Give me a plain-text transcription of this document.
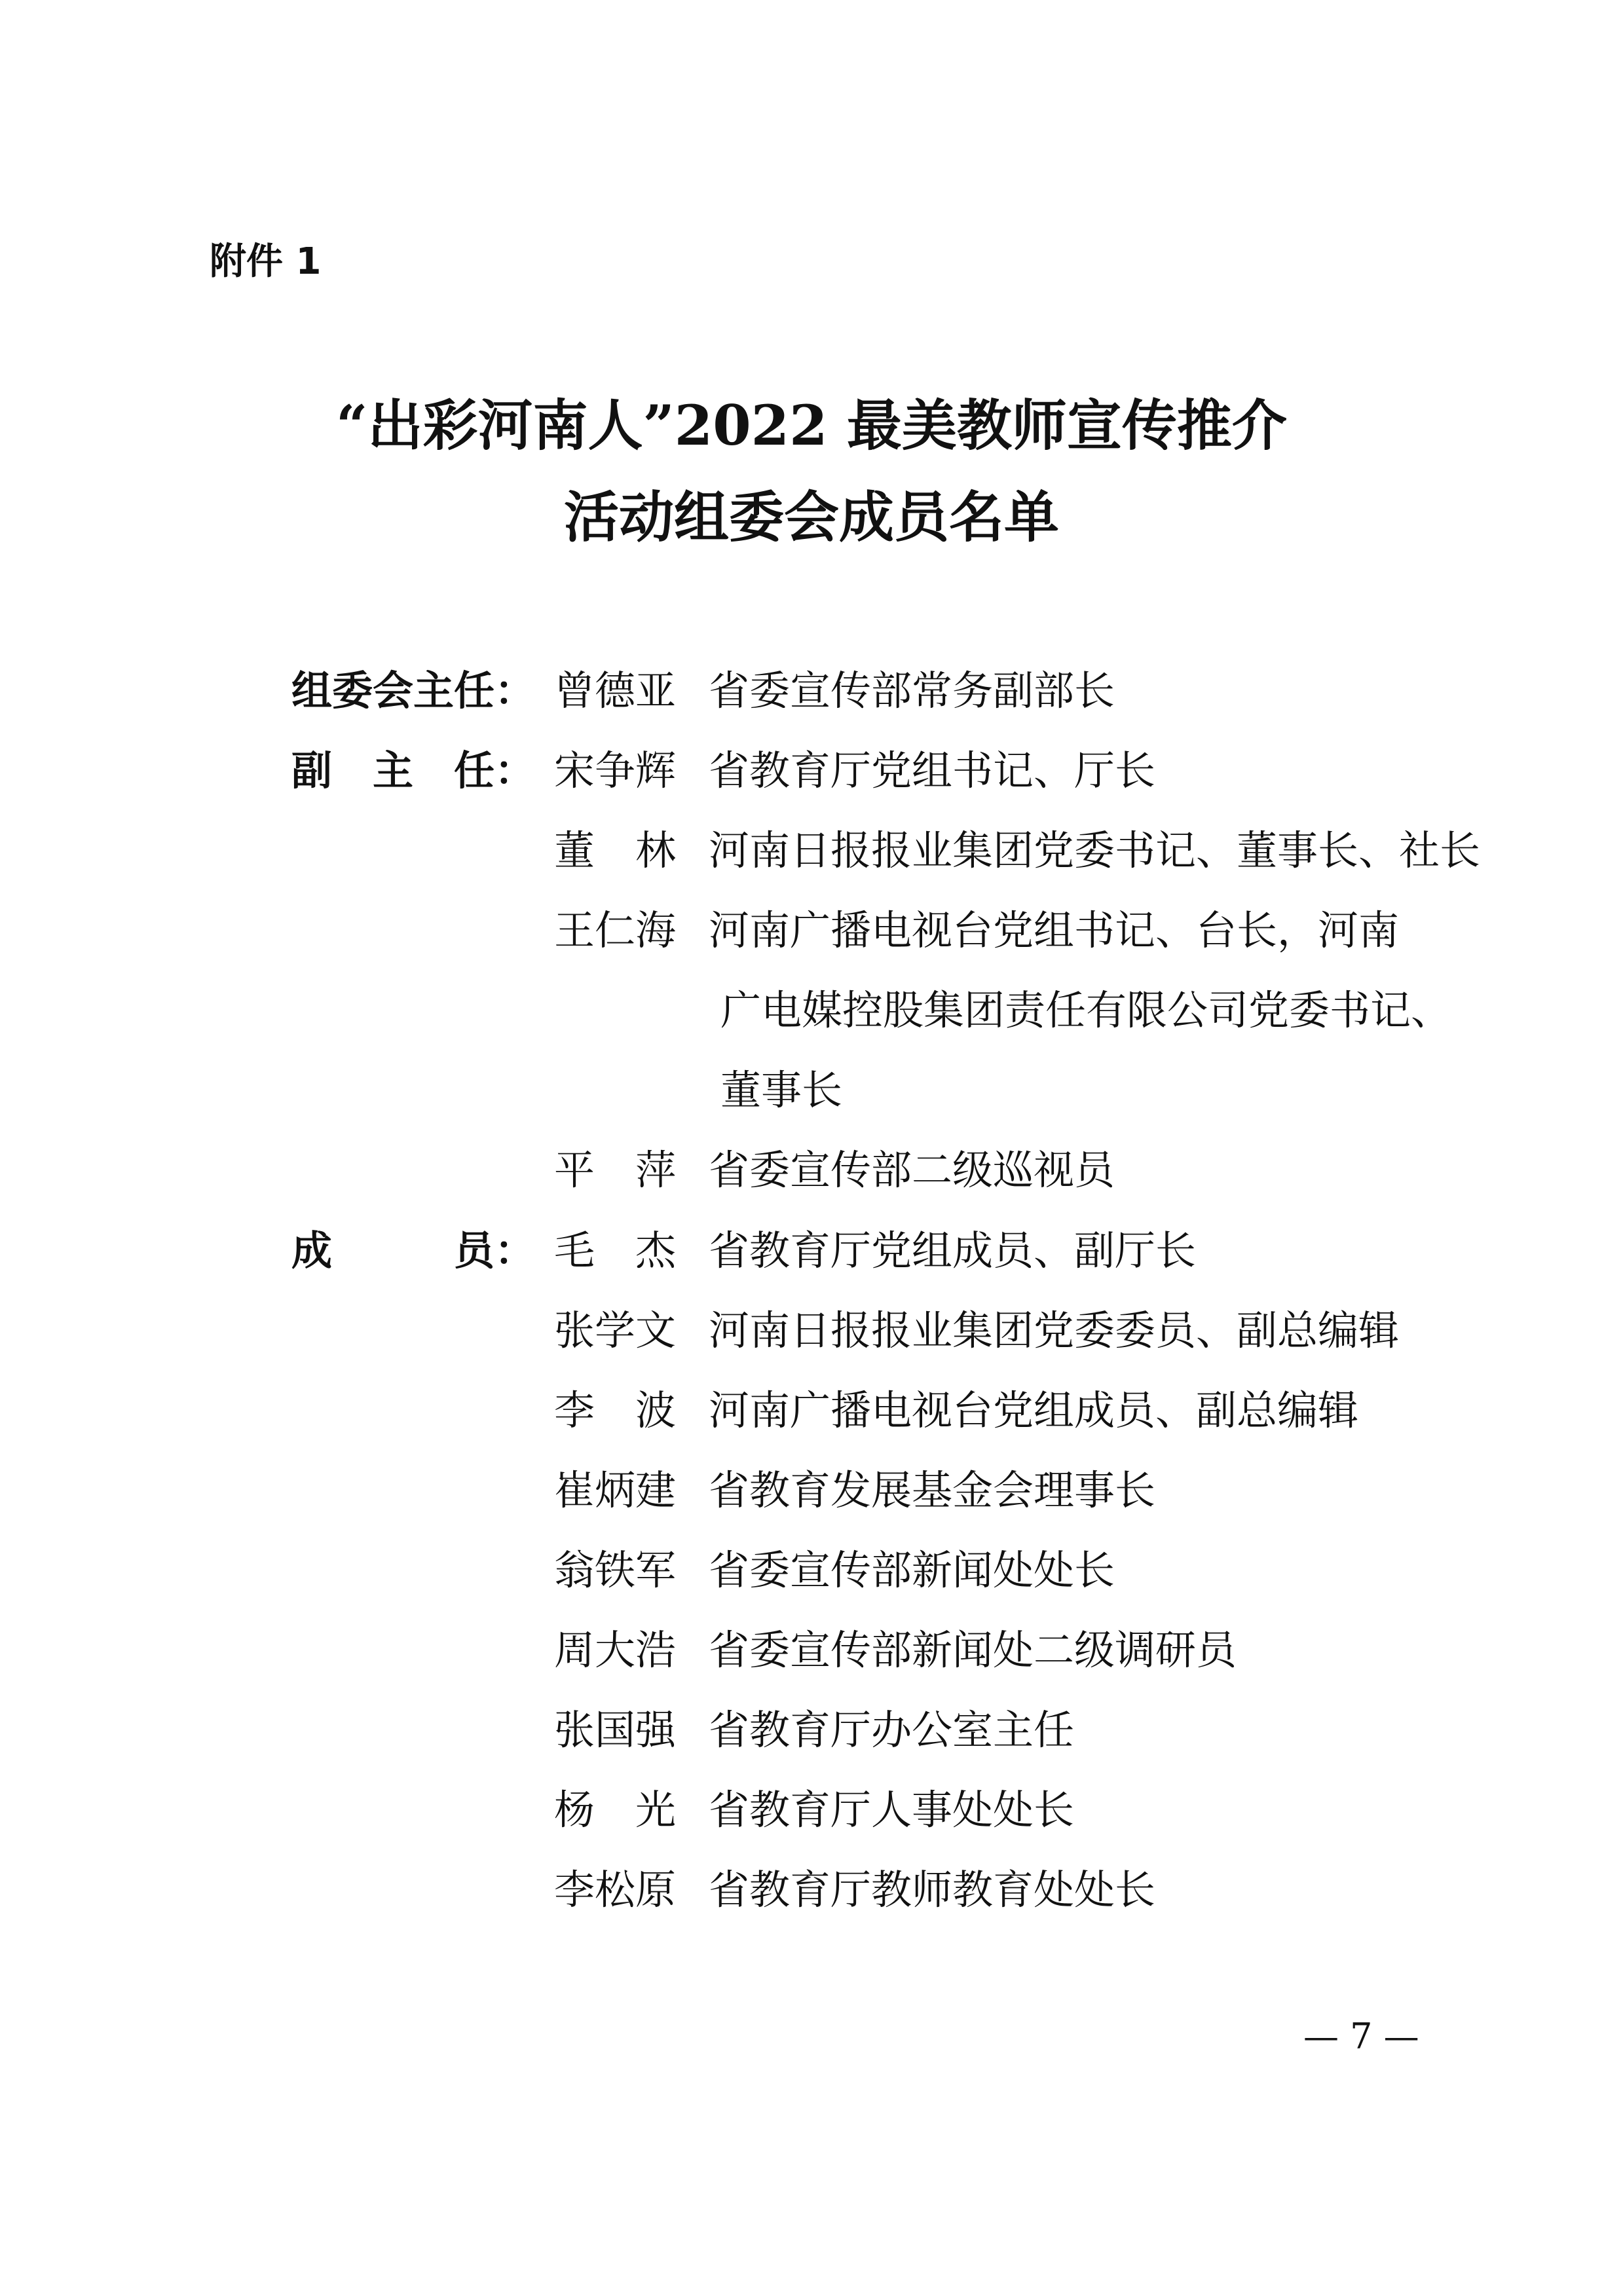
附件 1
“出彩河南人”2022 最美教师宣传推介
活动组委会成员名单
组委会主任：
副　主　任：
成　　　员：
曾德亚 省委宣传部常务副部长
宋争辉 省教育厅党组书记、厅长
董　林 河南日报报业集团党委书记、董事长、社长
王仁海 河南广播电视台党组书记、台长，河南
广电媒控股集团责任有限公司党委书记、
董事长
平　萍 省委宣传部二级巡视员
毛　杰 省教育厅党组成员、副厅长
张学文 河南日报报业集团党委委员、副总编辑
李　波 河南广播电视台党组成员、副总编辑
崔炳建 省教育发展基金会理事长
翁铁军 省委宣传部新闻处处长
周大浩 省委宣传部新闻处二级调研员
张国强 省教育厅办公室主任
杨　光 省教育厅人事处处长
李松原 省教育厅教师教育处处长
— 7 —
